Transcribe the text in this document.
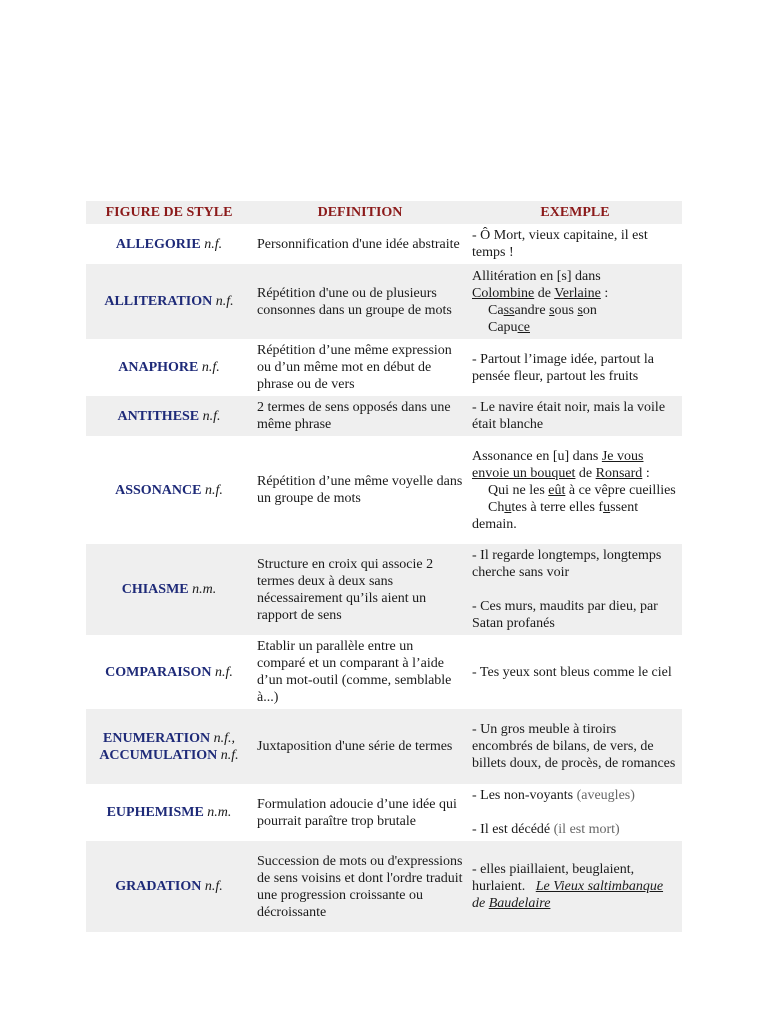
FIGURE DE STYLE	DEFINITION	EXEMPLE
ALLEGORIE n.f.	Personnification d'une idée abstraite	- Ô Mort, vieux capitaine, il est temps !
ALLITERATION n.f.	Répétition d'une ou de plusieurs consonnes dans un groupe de mots	Allitération en [s] dans
Colombine de Verlaine :
Cassandre sous son
Capuce

ANAPHORE n.f.	Répétition d’une même expression ou d’un même mot en début de phrase ou de vers	- Partout l’image idée, partout la pensée fleur, partout les fruits
ANTITHESE n.f.	2 termes de sens opposés dans une même phrase	- Le navire était noir, mais la voile était blanche
ASSONANCE n.f.	Répétition d’une même voyelle dans un groupe de mots	Assonance en [u] dans Je vous envoie un bouquet de Ronsard :
Qui ne les eût à ce vêpre cueillies
Chutes à terre elles fussent demain.

CHIASME n.m.	Structure en croix qui associe 2 termes deux à deux sans nécessairement qu’ils aient un rapport de sens	- Il regarde longtemps, longtemps cherche sans voir
- Ces murs, maudits par dieu, par Satan profanés

COMPARAISON n.f.	Etablir un parallèle entre un comparé et un comparant à l’aide d’un mot-outil (comme, semblable à...)	- Tes yeux sont bleus comme le ciel

ENUMERATION n.f.,
ACCUMULATION n.f.	Juxtaposition d'une série de termes	- Un gros meuble à tiroirs encombrés de bilans, de vers, de billets doux, de procès, de romances
EUPHEMISME n.m.	Formulation adoucie d’une idée qui pourrait paraître trop brutale	- Les non-voyants (aveugles)
- Il est décédé (il est mort)

GRADATION n.f.	Succession de mots ou d'expressions de sens voisins et dont l'ordre traduit une progression croissante ou décroissante	- elles piaillaient, beuglaient, hurlaient. Le Vieux saltimbanque de Baudelaire
